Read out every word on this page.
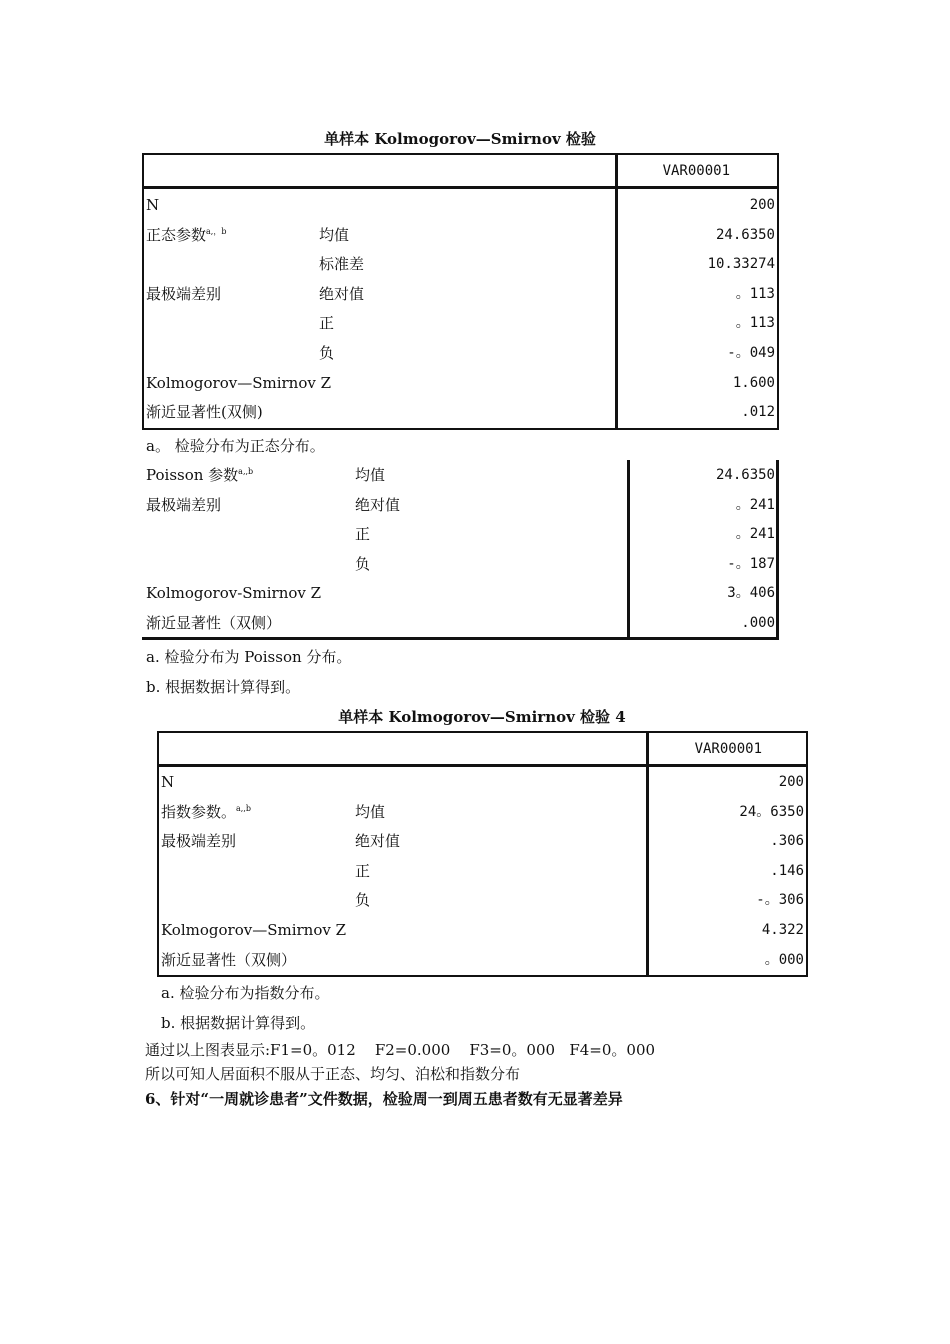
单样本 Kolmogorov—Smirnov 检验
VAR00001
N	200
正态参数$^{a,,b}$	均值	24.6350
标准差	10.33274
最极端差别	绝对值	。113
正	。113
负	-。049
Kolmogorov—Smirnov Z	1.600
渐近显著性(双侧)	.012
a。 检验分布为正态分布。
Poisson 参数$^{a,,b}$	均值	24.6350
最极端差别	绝对值	。241
正	。241
负	-。187
Kolmogorov-Smirnov Z	3。406
渐近显著性（双侧）	.000
a. 检验分布为 Poisson 分布。
b. 根据数据计算得到。
单样本 Kolmogorov—Smirnov 检验 4
VAR00001
N	200
指数参数。$^{a,,b}$	均值	24。6350
最极端差别	绝对值	.306
正	.146
负	-。306
Kolmogorov—Smirnov Z	4.322
渐近显著性（双侧）	。000
a. 检验分布为指数分布。
b. 根据数据计算得到。
通过以上图表显示:F1=0。012    F2=0.000    F3=0。000   F4=0。000
所以可知人居面积不服从于正态、均匀、泊松和指数分布
6、针对“一周就诊患者”文件数据，检验周一到周五患者数有无显著差异
